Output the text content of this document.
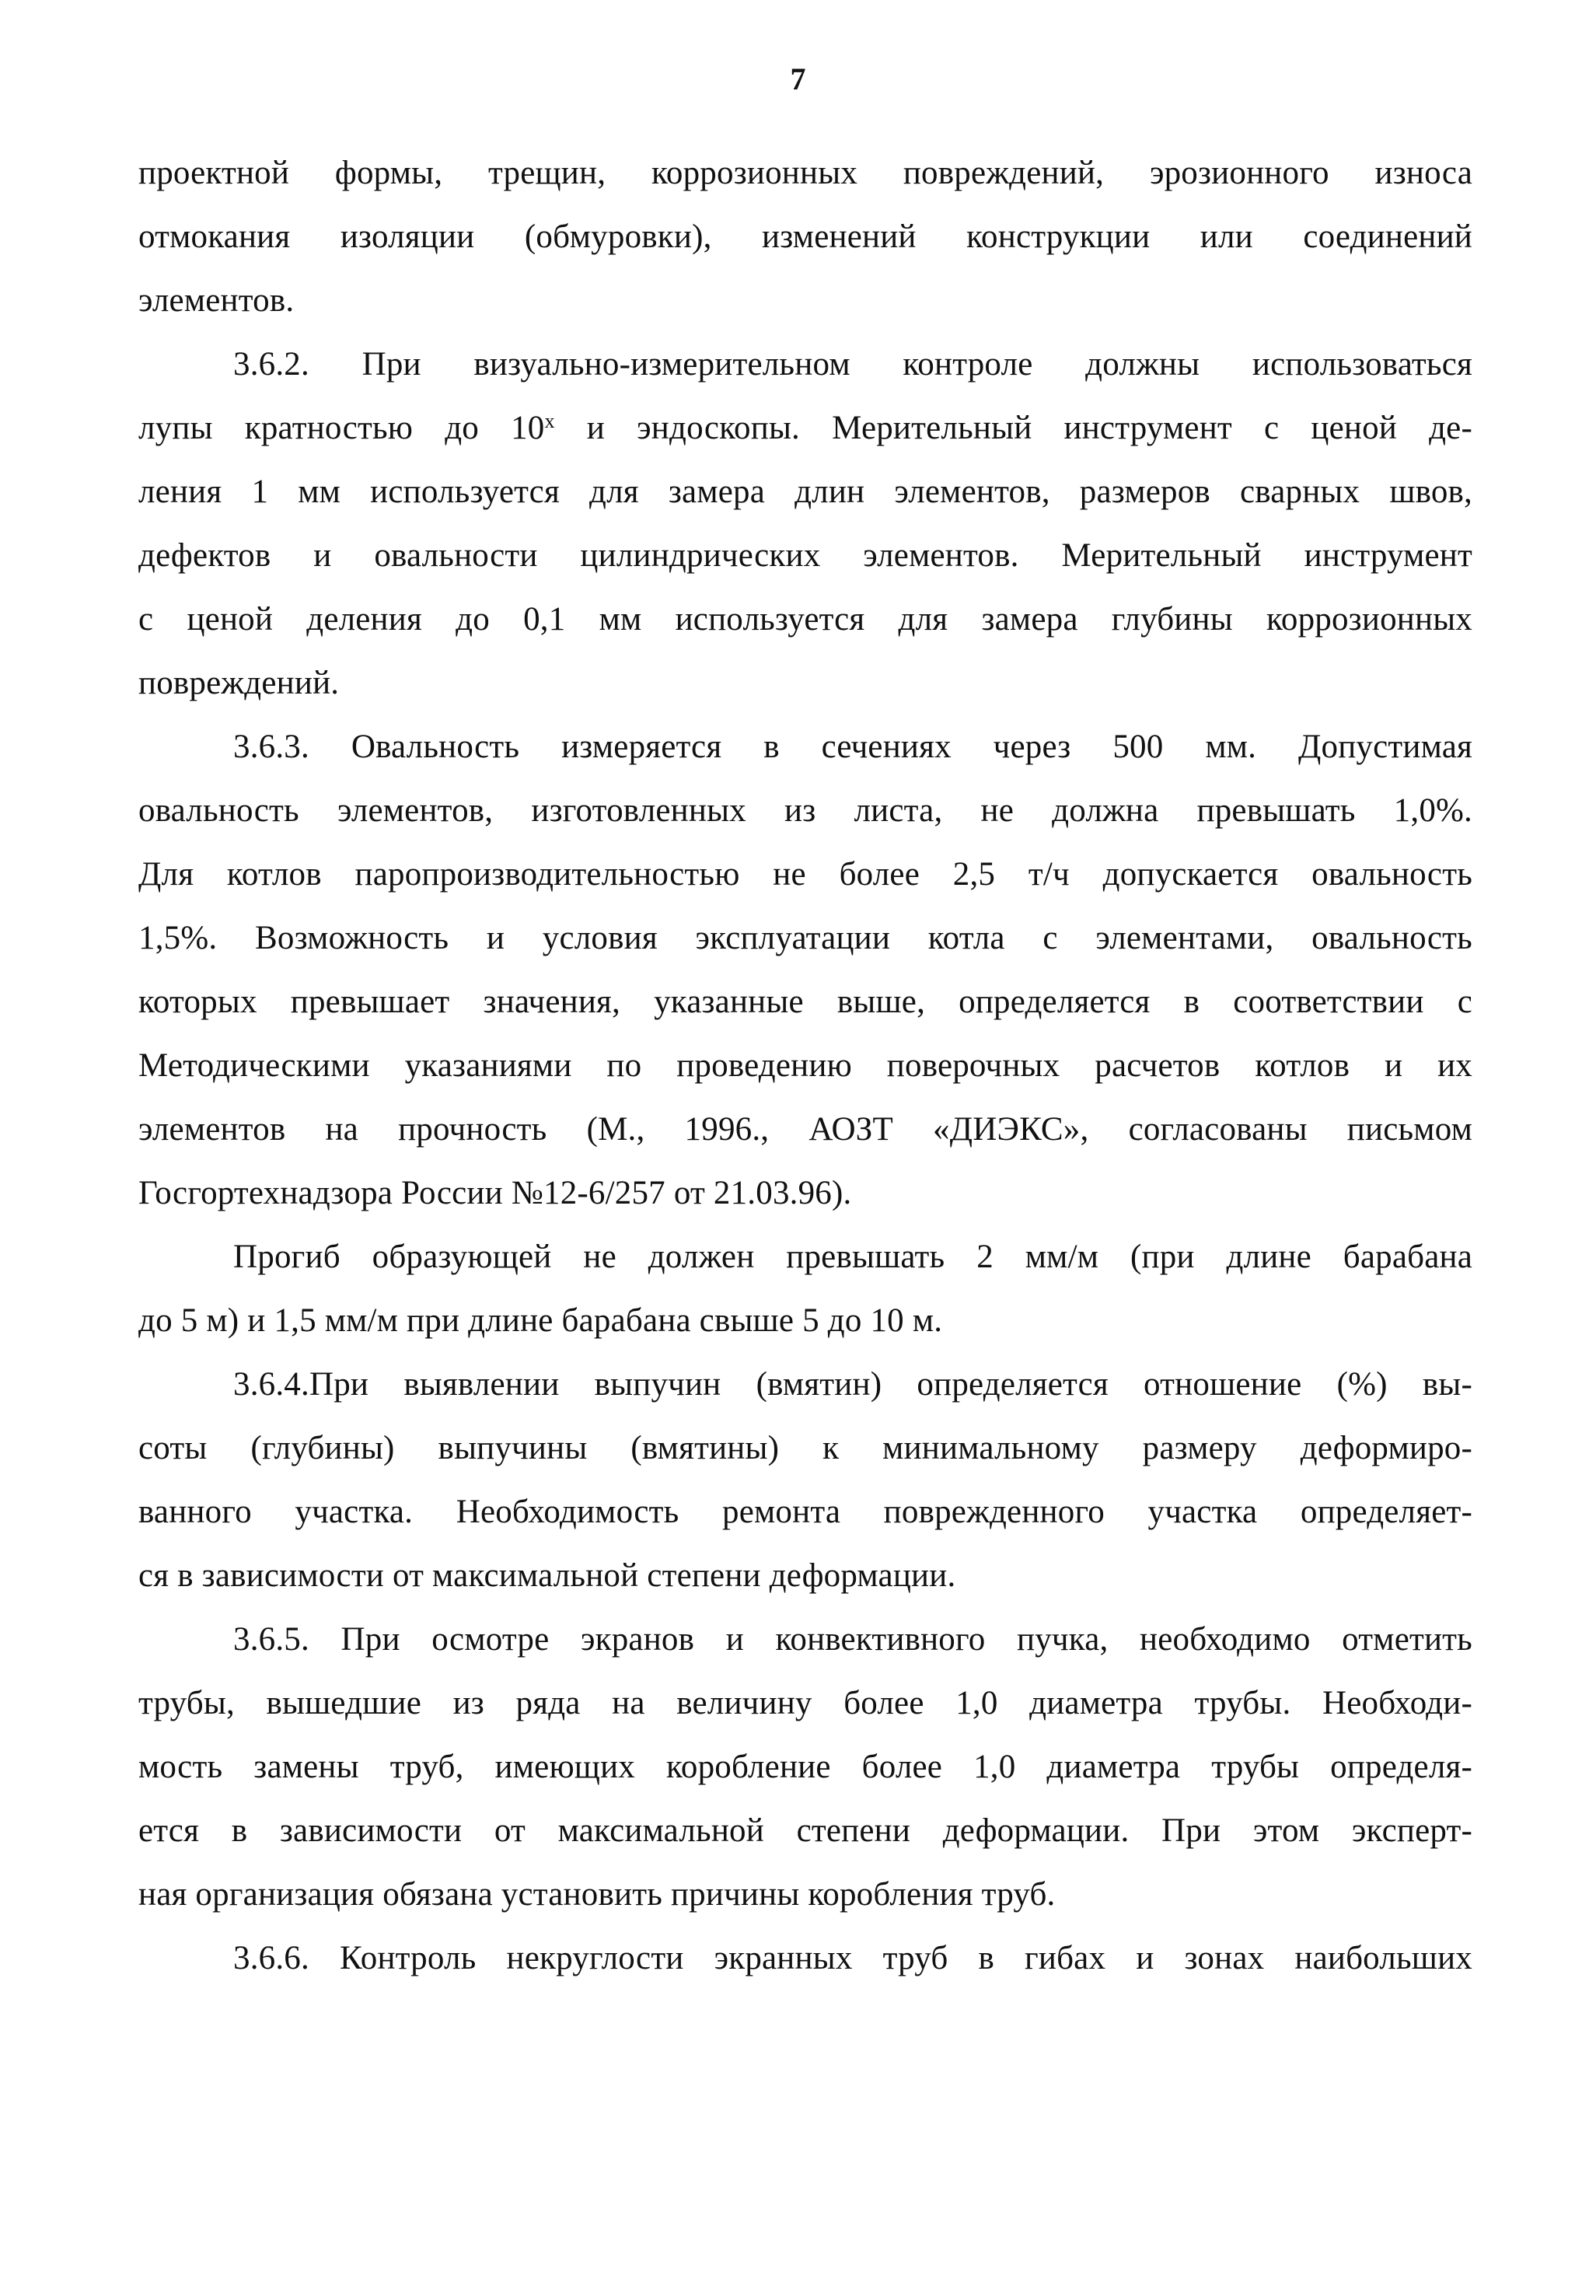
7
проектной формы, трещин, коррозионных повреждений, эрозионного износа
отмокания изоляции (обмуровки), изменений конструкции или соединений
элементов.
3.6.2. При визуально-измерительном контроле должны использоваться
лупы кратностью до 10$^x$ и эндоскопы. Мерительный инструмент с ценой де-
ления 1 мм используется для замера длин элементов, размеров сварных швов,
дефектов и овальности цилиндрических элементов. Мерительный инструмент
с ценой деления до 0,1 мм используется для замера глубины коррозионных
повреждений.
3.6.3. Овальность измеряется в сечениях через 500 мм. Допустимая
овальность элементов, изготовленных из листа, не должна превышать 1,0%.
Для котлов паропроизводительностью не более 2,5 т/ч допускается овальность
1,5%. Возможность и условия эксплуатации котла с элементами, овальность
которых превышает значения, указанные выше, определяется в соответствии с
Методическими указаниями по проведению поверочных расчетов котлов и их
элементов на прочность (М., 1996., АОЗТ «ДИЭКС», согласованы письмом
Госгортехнадзора России №12-6/257 от 21.03.96).
Прогиб образующей не должен превышать 2 мм/м (при длине барабана
до 5 м) и 1,5 мм/м при длине барабана свыше 5 до 10 м.
3.6.4.При выявлении выпучин (вмятин) определяется отношение (%) вы-
соты (глубины) выпучины (вмятины) к минимальному размеру деформиро-
ванного участка. Необходимость ремонта поврежденного участка определяет-
ся в зависимости от максимальной степени деформации.
3.6.5. При осмотре экранов и конвективного пучка, необходимо отметить
трубы, вышедшие из ряда на величину более 1,0 диаметра трубы. Необходи-
мость замены труб, имеющих коробление более 1,0 диаметра трубы определя-
ется в зависимости от максимальной степени деформации. При этом эксперт-
ная организация обязана установить причины коробления труб.
3.6.6. Контроль некруглости экранных труб в гибах и зонах наибольших
